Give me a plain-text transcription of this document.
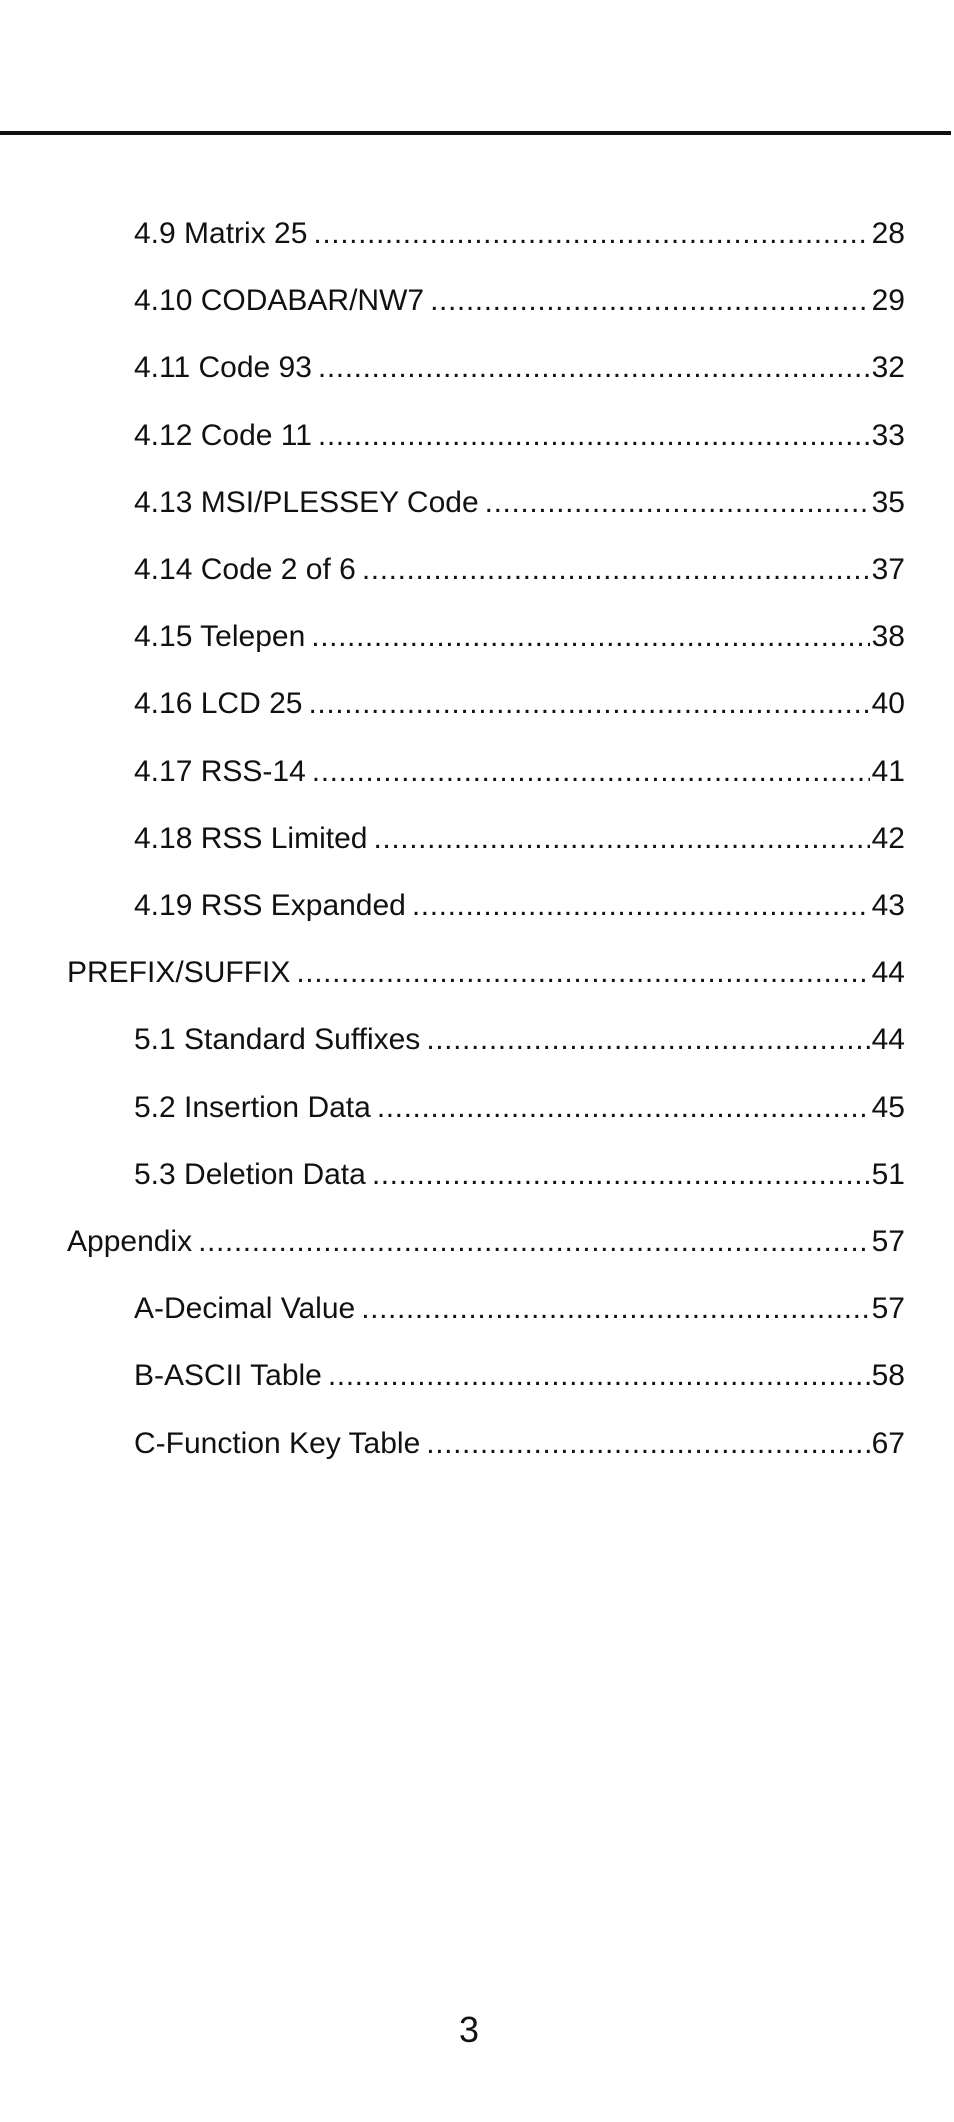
4.9 Matrix 25 .....	28
4.10 CODABAR/NW7 .....	29
4.11 Code 93 .....	32
4.12 Code 11 .....	33
4.13 MSI/PLESSEY Code .....	35
4.14 Code 2 of 6 .....	37
4.15 Telepen .....	38
4.16 LCD 25 .....	40
4.17 RSS-14 .....	41
4.18 RSS Limited .....	42
4.19 RSS Expanded .....	43
PREFIX/SUFFIX .....	44
5.1 Standard Suffixes .....	44
5.2 Insertion Data .....	45
5.3 Deletion Data .....	51
Appendix .....	57
A-Decimal Value .....	57
B-ASCII Table .....	58
C-Function Key Table .....	67
3
